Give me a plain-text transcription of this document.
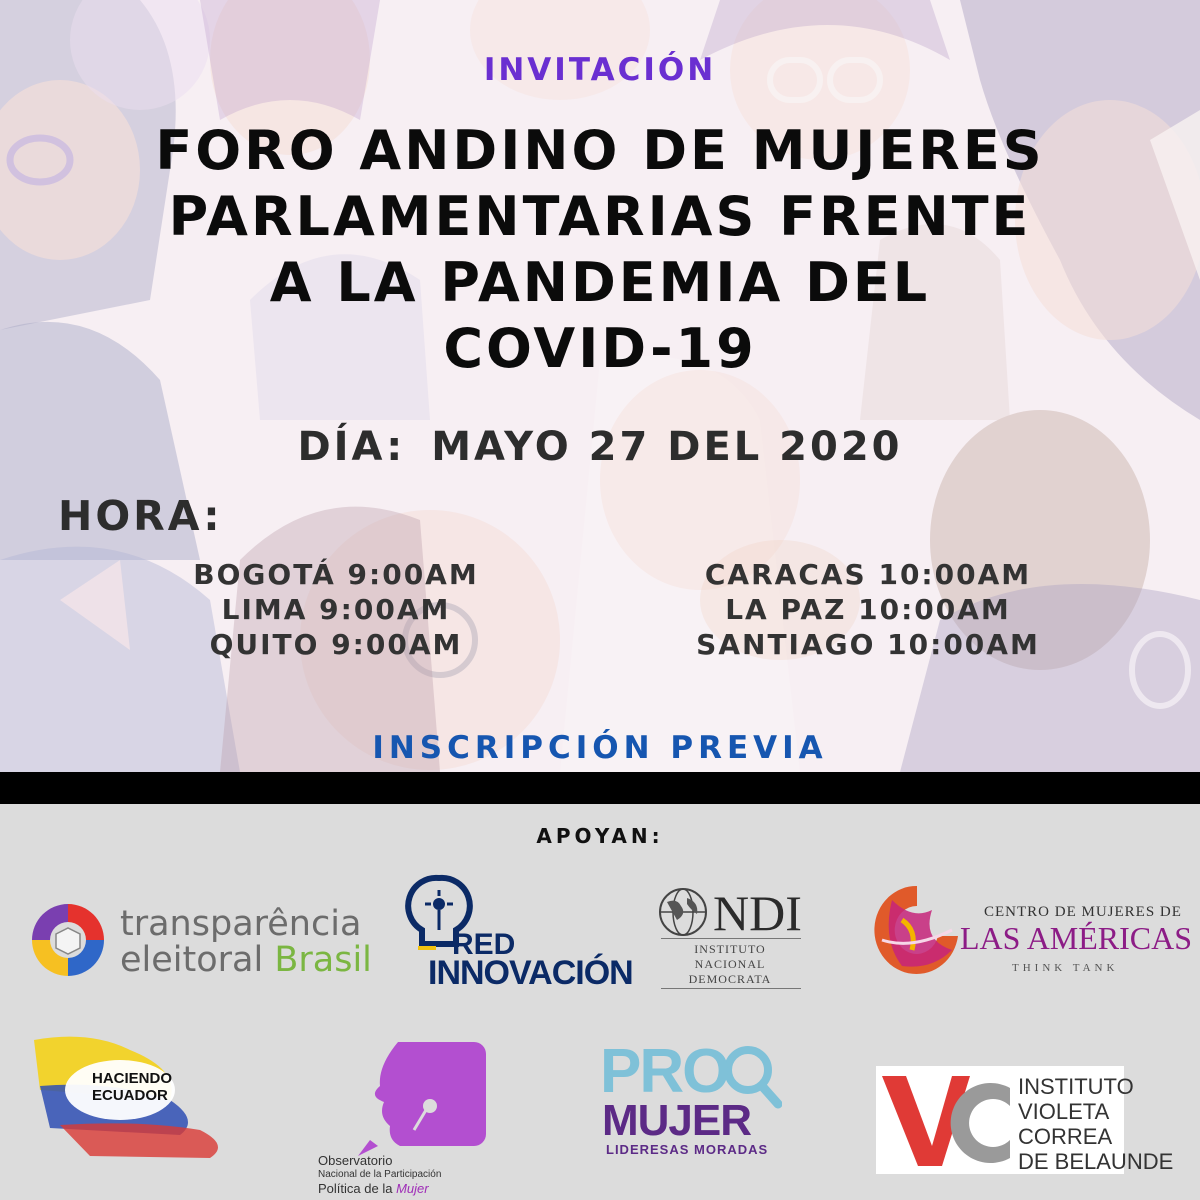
INVITACIÓN
FORO ANDINO DE MUJERES
PARLAMENTARIAS FRENTE
A LA PANDEMIA DEL
COVID-19
DÍA: MAYO 27 DEL 2020
HORA:
BOGOTÁ 9:00AM
LIMA 9:00AM
QUITO 9:00AM
CARACAS 10:00AM
LA PAZ 10:00AM
SANTIAGO 10:00AM
INSCRIPCIÓN PREVIA
APOYAN:
transparência
eleitoral Brasil	RED
INNOVACIÓN
NDI
INSTITUTO
NACIONAL
DEMOCRATA
CENTRO DE MUJERES DE
LAS AMÉRICAS
THINK TANK
HACIENDO
ECUADOR
Observatorio
Nacional de la Participación
Política de la Mujer
PRO
MUJER
LIDERESAS MORADAS
INSTITUTO
VIOLETA
CORREA
DE BELAUNDE
